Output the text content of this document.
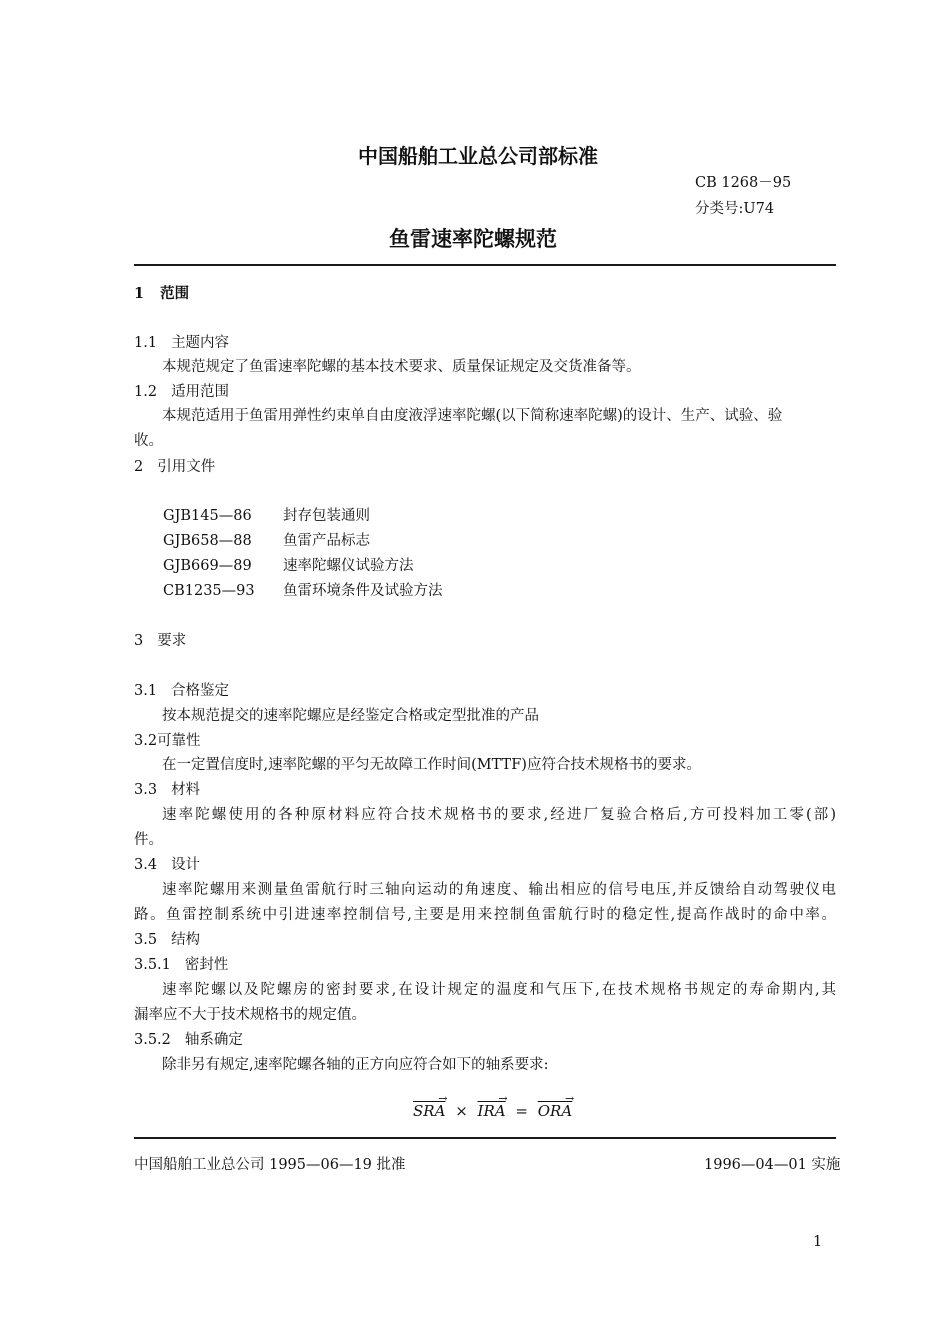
中国船舶工业总公司部标准
CB 1268－95
分类号:U74
鱼雷速率陀螺规范
1 范围
1.1 主题内容
本规范规定了鱼雷速率陀螺的基本技术要求、质量保证规定及交货准备等。
1.2 适用范围
本规范适用于鱼雷用弹性约束单自由度液浮速率陀螺(以下简称速率陀螺)的设计、生产、试验、验
收。
2 引用文件
GJB145—86 封存包装通则
GJB658—88 鱼雷产品标志
GJB669—89 速率陀螺仪试验方法
CB1235—93 鱼雷环境条件及试验方法
3 要求
3.1 合格鉴定
按本规范提交的速率陀螺应是经鉴定合格或定型批准的产品
3.2可靠性
在一定置信度时,速率陀螺的平匀无故障工作时间(MTTF)应符合技术规格书的要求。
3.3 材料
速率陀螺使用的各种原材料应符合技术规格书的要求,经进厂复验合格后,方可投料加工零(部)
件。
3.4 设计
速率陀螺用来测量鱼雷航行时三轴向运动的角速度、输出相应的信号电压,并反馈给自动驾驶仪电
路。鱼雷控制系统中引进速率控制信号,主要是用来控制鱼雷航行时的稳定性,提高作战时的命中率。
3.5 结构
3.5.1 密封性
速率陀螺以及陀螺房的密封要求,在设计规定的温度和气压下,在技术规格书规定的寿命期内,其
漏率应不大于技术规格书的规定值。
3.5.2 轴系确定
除非另有规定,速率陀螺各轴的正方向应符合如下的轴系要求:
$\overline{SRA}$
→
× $\overline{IRA}$
→
= $\overline{ORA}$
→
中国船舶工业总公司 1995—06—19 批准	1996—04—01 实施
1
